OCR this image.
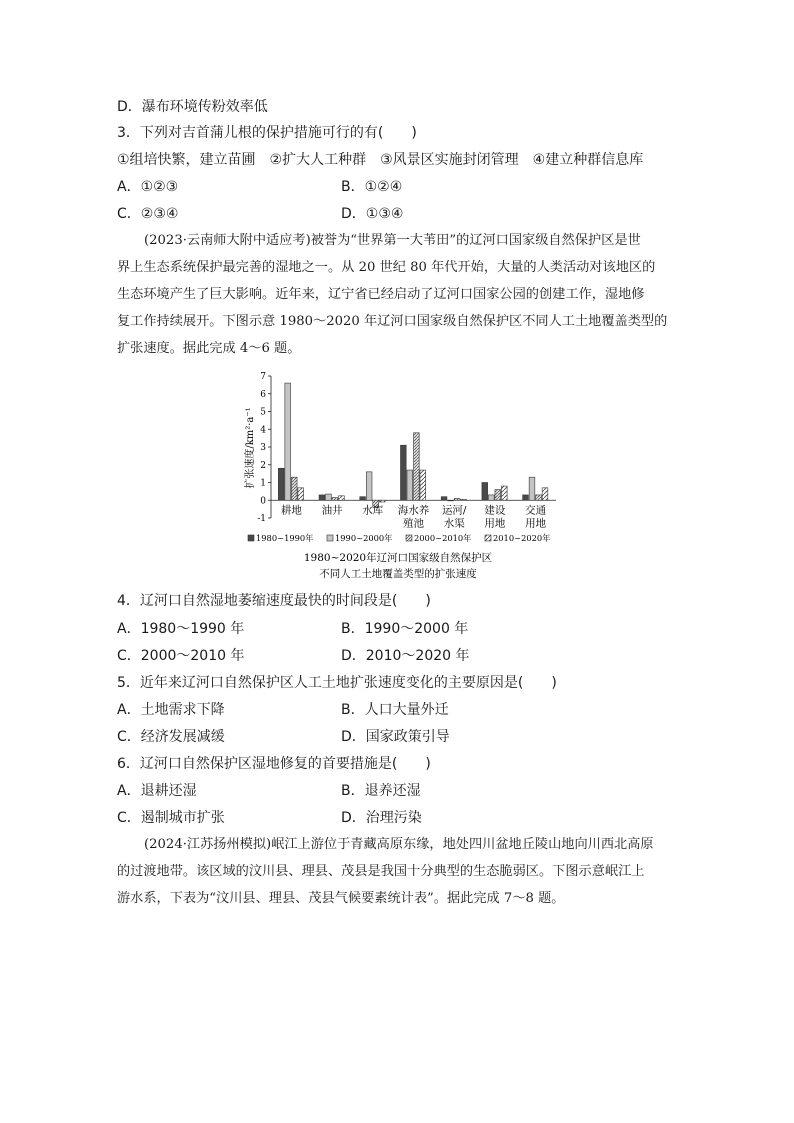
D．瀑布环境传粉效率低
3．下列对吉首蒲儿根的保护措施可行的有(　　)
①组培快繁，建立苗圃　②扩大人工种群　③风景区实施封闭管理　④建立种群信息库
A．①②③	B．①②④
C．②③④	D．①③④
(2023·云南师大附中适应考)被誉为“世界第一大苇田”的辽河口国家级自然保护区是世
界上生态系统保护最完善的湿地之一。从 20 世纪 80 年代开始，大量的人类活动对该地区的
生态环境产生了巨大影响。近年来，辽宁省已经启动了辽河口国家公园的创建工作，湿地修
复工作持续展开。下图示意 1980～2020 年辽河口国家级自然保护区不同人工土地覆盖类型的
扩张速度。据此完成 4～6 题。
-1
0
1
2
3
4
5
6
7
耕地 油井 水库 海水养
殖池
运河/
水渠
建设
用地
交通
用地
1980~1990年	1990~2000年	2000~2010年	2010~2020年
扩张速度/km²·a⁻¹
1980~2020年辽河口国家级自然保护区
不同人工土地覆盖类型的扩张速度
4．辽河口自然湿地萎缩速度最快的时间段是(　　)
A．1980～1990 年	B．1990～2000 年
C．2000～2010 年	D．2010～2020 年
5．近年来辽河口自然保护区人工土地扩张速度变化的主要原因是(　　)
A．土地需求下降	B．人口大量外迁
C．经济发展减缓	D．国家政策引导
6．辽河口自然保护区湿地修复的首要措施是(　　)
A．退耕还湿	B．退养还湿
C．遏制城市扩张	D．治理污染
(2024·江苏扬州模拟)岷江上游位于青藏高原东缘，地处四川盆地丘陵山地向川西北高原
的过渡地带。该区域的汶川县、理县、茂县是我国十分典型的生态脆弱区。下图示意岷江上
游水系，下表为“汶川县、理县、茂县气候要素统计表”。据此完成 7～8 题。
